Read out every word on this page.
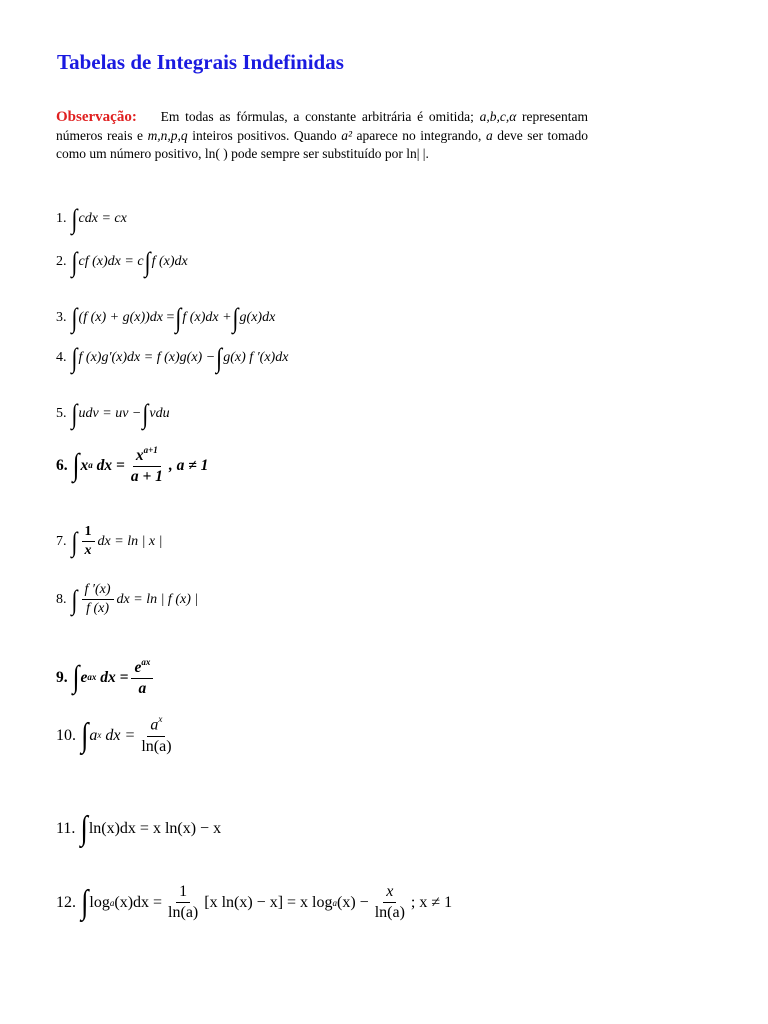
Tabelas de Integrais Indefinidas
Observação: Em todas as fórmulas, a constante arbitrária é omitida; a,b,c,α representam números reais e m,n,p,q inteiros positivos. Quando a² aparece no integrando, a deve ser tomado como um número positivo, ln( ) pode sempre ser substituído por ln| |.
1. ∫ cdx
= cx
2. ∫ cf (x)dx
= c ∫ f (x)dx
3. ∫ (f (x) + g(x))dx
= ∫ f (x)dx + ∫ g(x)dx
4. ∫ f (x)g′(x)dx
= f (x)g(x) − ∫ g(x) f ′(x)dx
5. ∫ udv
= uv − ∫ vdu
6. ∫ x $^a$
dx = $\frac{x^{a+1}}{a + 1}$ , a ≠ 1
7. ∫ $\frac{1}{x}$ dx = ln | x |
8. ∫ $\frac{f '(x)}{f (x)}$ dx = ln | f (x) |
9. ∫ e $^{ax}$
dx = $\frac{e^{ax}}{a}$
10. ∫ a $^x$
dx = $\frac{a^x}{\ln(a)}$
11. ∫ ln(x)dx
= x ln(x) − x
12. ∫ log a $(x)dx = \frac{1}{\ln(a)} [x$ ln(x) − x] = x log a $(x) - \frac{x}{\ln(a)}$ ; x ≠ 1
